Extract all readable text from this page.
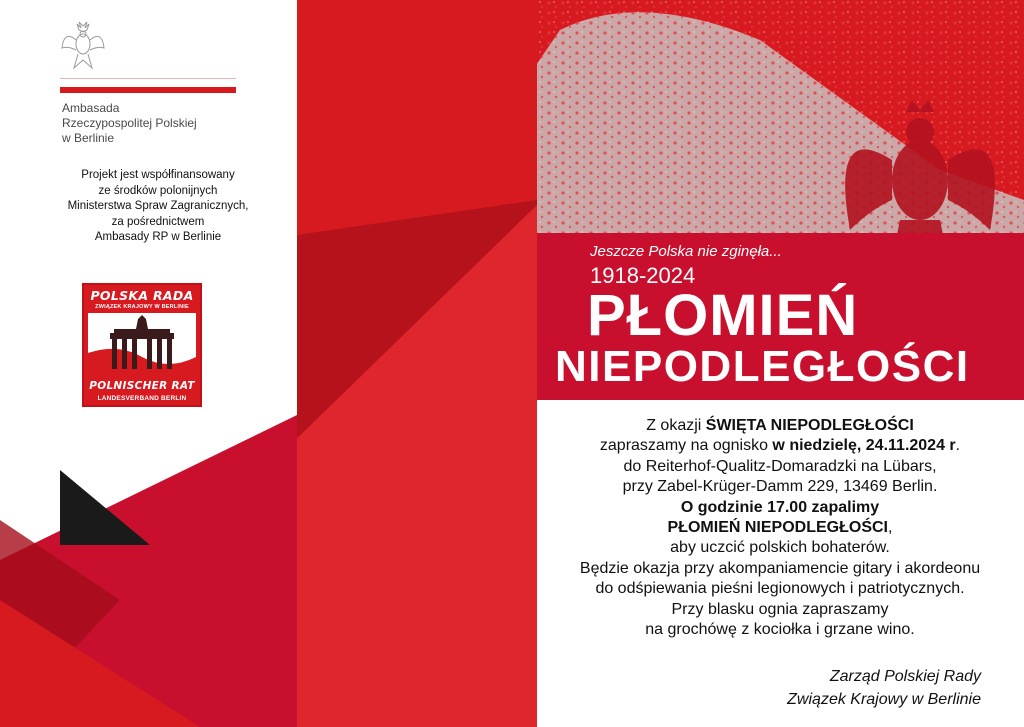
Ambasada
Rzeczypospolitej Polskiej
w Berlinie
Projekt jest współfinansowany
ze środków polonijnych
Ministerstwa Spraw Zagranicznych,
za pośrednictwem
Ambasady RP w Berlinie
POLSKA RADA
ZWIĄZEK KRAJOWY W BERLINIE
POLNISCHER RAT
LANDESVERBAND BERLIN
Jeszcze Polska nie zginęła...
1918-2024
PŁOMIEŃ
NIEPODLEGŁOŚCI
Z okazji ŚWIĘTA NIEPODLEGŁOŚCI
zapraszamy na ognisko w niedzielę, 24.11.2024 r.
do Reiterhof-Qualitz-Domaradzki na Lübars,
przy Zabel-Krüger-Damm 229, 13469 Berlin.
O godzinie 17.00 zapalimy
PŁOMIEŃ NIEPODLEGŁOŚCI,
aby uczcić polskich bohaterów.
Będzie okazja przy akompaniamencie gitary i akordeonu
do odśpiewania pieśni legionowych i patriotycznych.
Przy blasku ognia zapraszamy
na grochówę z kociołka i grzane wino.
Zarząd Polskiej Rady
Związek Krajowy w Berlinie
